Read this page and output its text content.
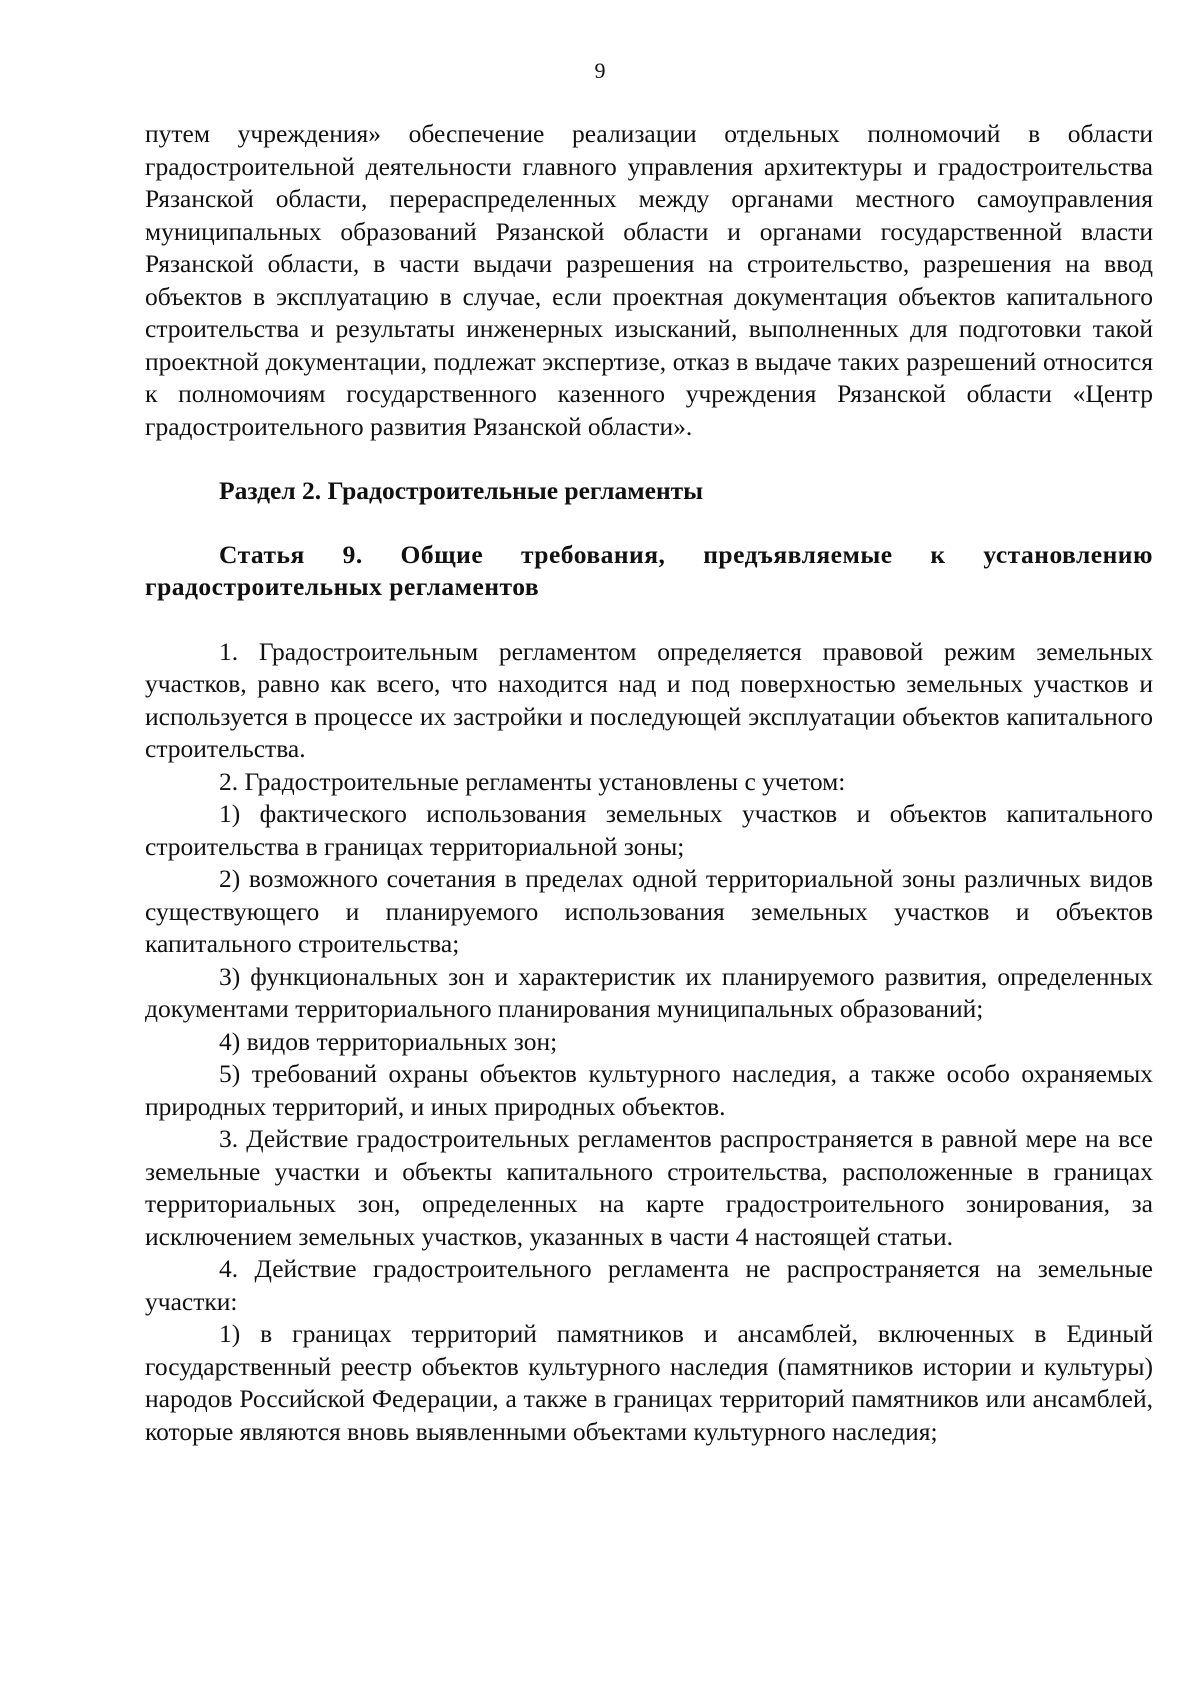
9

путем учреждения» обеспечение реализации отдельных полномочий в области градостроительной деятельности главного управления архитектуры и градостроительства Рязанской области, перераспределенных между органами местного самоуправления муниципальных образований Рязанской области и органами государственной власти Рязанской области, в части выдачи разрешения на строительство, разрешения на ввод объектов в эксплуатацию в случае, если проектная документация объектов капитального строительства и результаты инженерных изысканий, выполненных для подготовки такой проектной документации, подлежат экспертизе, отказ в выдаче таких разрешений относится к полномочиям государственного казенного учреждения Рязанской области «Центр градостроительного развития Рязанской области».

Раздел 2. Градостроительные регламенты

Статья 9. Общие требования, предъявляемые к установлению градостроительных регламентов

1. Градостроительным регламентом определяется правовой режим земельных участков, равно как всего, что находится над и под поверхностью земельных участков и используется в процессе их застройки и последующей эксплуатации объектов капитального строительства.

2. Градостроительные регламенты установлены с учетом:

1) фактического использования земельных участков и объектов капитального строительства в границах территориальной зоны;

2) возможного сочетания в пределах одной территориальной зоны различных видов существующего и планируемого использования земельных участков и объектов капитального строительства;

3) функциональных зон и характеристик их планируемого развития, определенных документами территориального планирования муниципальных образований;

4) видов территориальных зон;

5) требований охраны объектов культурного наследия, а также особо охраняемых природных территорий, и иных природных объектов.

3. Действие градостроительных регламентов распространяется в равной мере на все земельные участки и объекты капитального строительства, расположенные в границах территориальных зон, определенных на карте градостроительного зонирования, за исключением земельных участков, указанных в части 4 настоящей статьи.

4. Действие градостроительного регламента не распространяется на земельные участки:

1) в границах территорий памятников и ансамблей, включенных в Единый государственный реестр объектов культурного наследия (памятников истории и культуры) народов Российской Федерации, а также в границах территорий памятников или ансамблей, которые являются вновь выявленными объектами культурного наследия;
